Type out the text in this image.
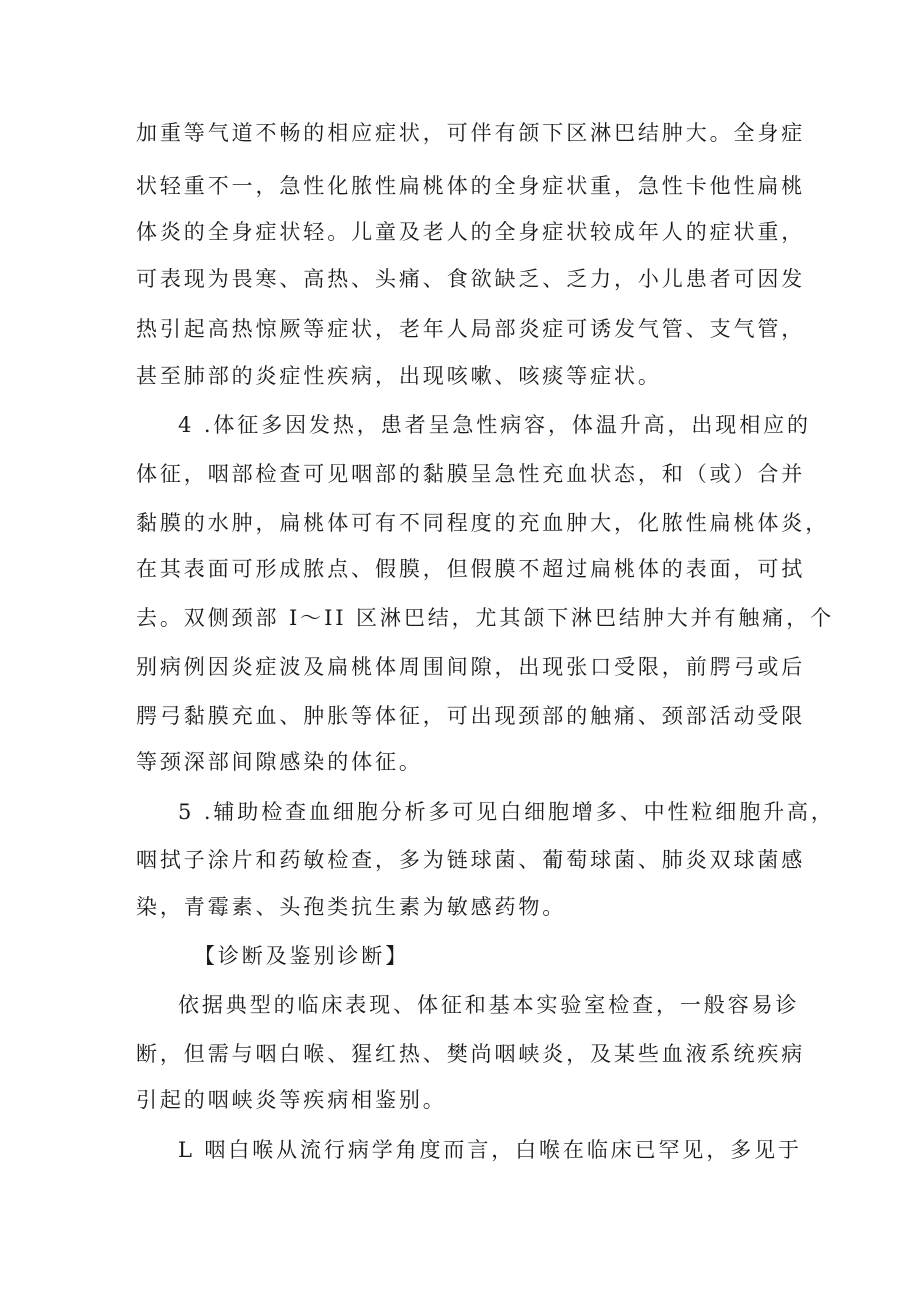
加重等气道不畅的相应症状，可伴有颌下区淋巴结肿大。全身症
状轻重不一，急性化脓性扁桃体的全身症状重，急性卡他性扁桃
体炎的全身症状轻。儿童及老人的全身症状较成年人的症状重，
可表现为畏寒、高热、头痛、食欲缺乏、乏力，小儿患者可因发
热引起高热惊厥等症状，老年人局部炎症可诱发气管、支气管，
甚至肺部的炎症性疾病，出现咳嗽、咳痰等症状。
4 .体征多因发热，患者呈急性病容，体温升高，出现相应的
体征，咽部检查可见咽部的黏膜呈急性充血状态，和（或）合并
黏膜的水肿，扁桃体可有不同程度的充血肿大，化脓性扁桃体炎，
在其表面可形成脓点、假膜，但假膜不超过扁桃体的表面，可拭
去。双侧颈部 I～II 区淋巴结，尤其颌下淋巴结肿大并有触痛，个
别病例因炎症波及扁桃体周围间隙，出现张口受限，前腭弓或后
腭弓黏膜充血、肿胀等体征，可出现颈部的触痛、颈部活动受限
等颈深部间隙感染的体征。
5 .辅助检查血细胞分析多可见白细胞增多、中性粒细胞升高，
咽拭子涂片和药敏检查，多为链球菌、葡萄球菌、肺炎双球菌感
染，青霉素、头孢类抗生素为敏感药物。
【诊断及鉴别诊断】
依据典型的临床表现、体征和基本实验室检查，一般容易诊
断，但需与咽白喉、猩红热、樊尚咽峡炎，及某些血液系统疾病
引起的咽峡炎等疾病相鉴别。
L 咽白喉从流行病学角度而言，白喉在临床已罕见，多见于
